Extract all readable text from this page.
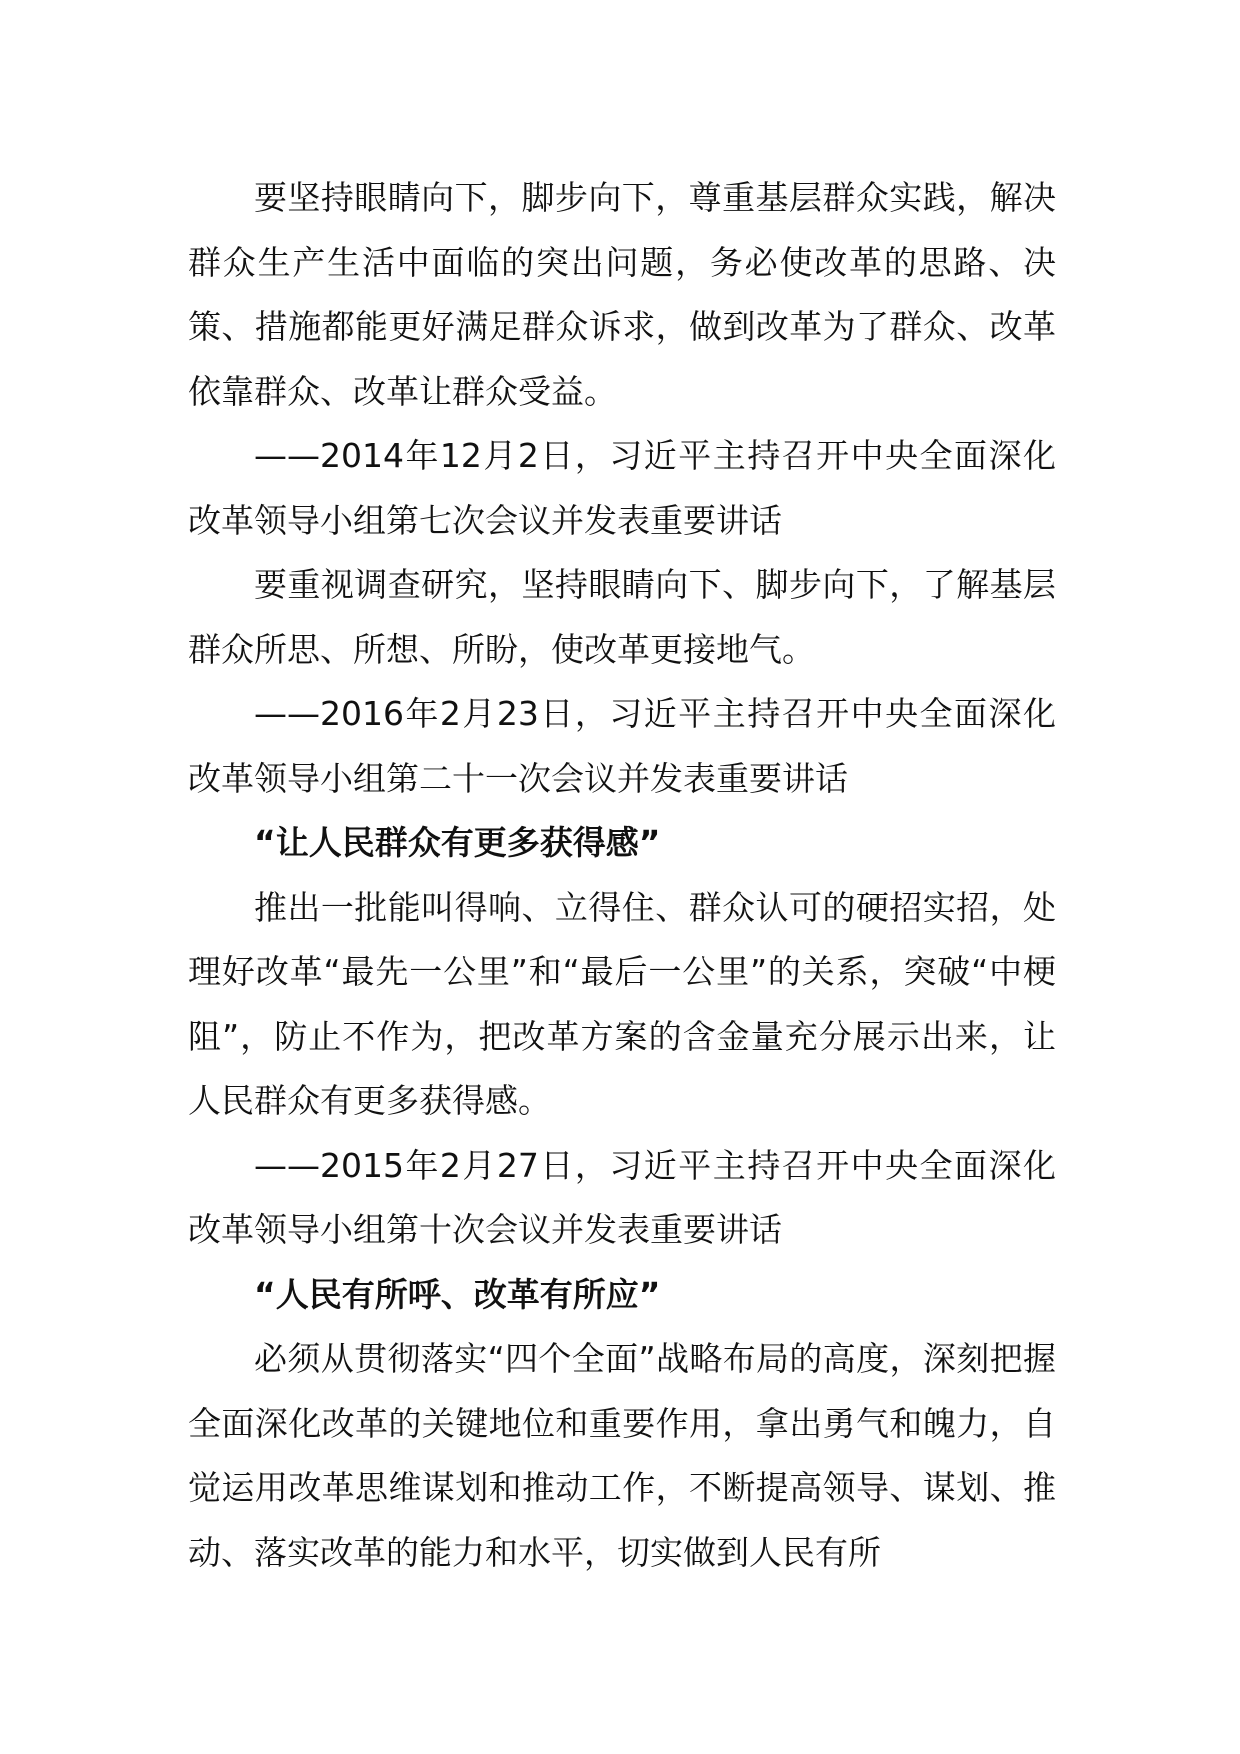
要坚持眼睛向下，脚步向下，尊重基层群众实践，解决群众生产生活中面临的突出问题，务必使改革的思路、决策、措施都能更好满足群众诉求，做到改革为了群众、改革依靠群众、改革让群众受益。

——2014年12月2日，习近平主持召开中央全面深化改革领导小组第七次会议并发表重要讲话

要重视调查研究，坚持眼睛向下、脚步向下，了解基层群众所思、所想、所盼，使改革更接地气。

——2016年2月23日，习近平主持召开中央全面深化改革领导小组第二十一次会议并发表重要讲话

“让人民群众有更多获得感”

推出一批能叫得响、立得住、群众认可的硬招实招，处理好改革“最先一公里”和“最后一公里”的关系，突破“中梗阻”，防止不作为，把改革方案的含金量充分展示出来，让人民群众有更多获得感。

——2015年2月27日，习近平主持召开中央全面深化改革领导小组第十次会议并发表重要讲话

“人民有所呼、改革有所应”

必须从贯彻落实“四个全面”战略布局的高度，深刻把握全面深化改革的关键地位和重要作用，拿出勇气和魄力，自觉运用改革思维谋划和推动工作，不断提高领导、谋划、推动、落实改革的能力和水平，切实做到人民有所
